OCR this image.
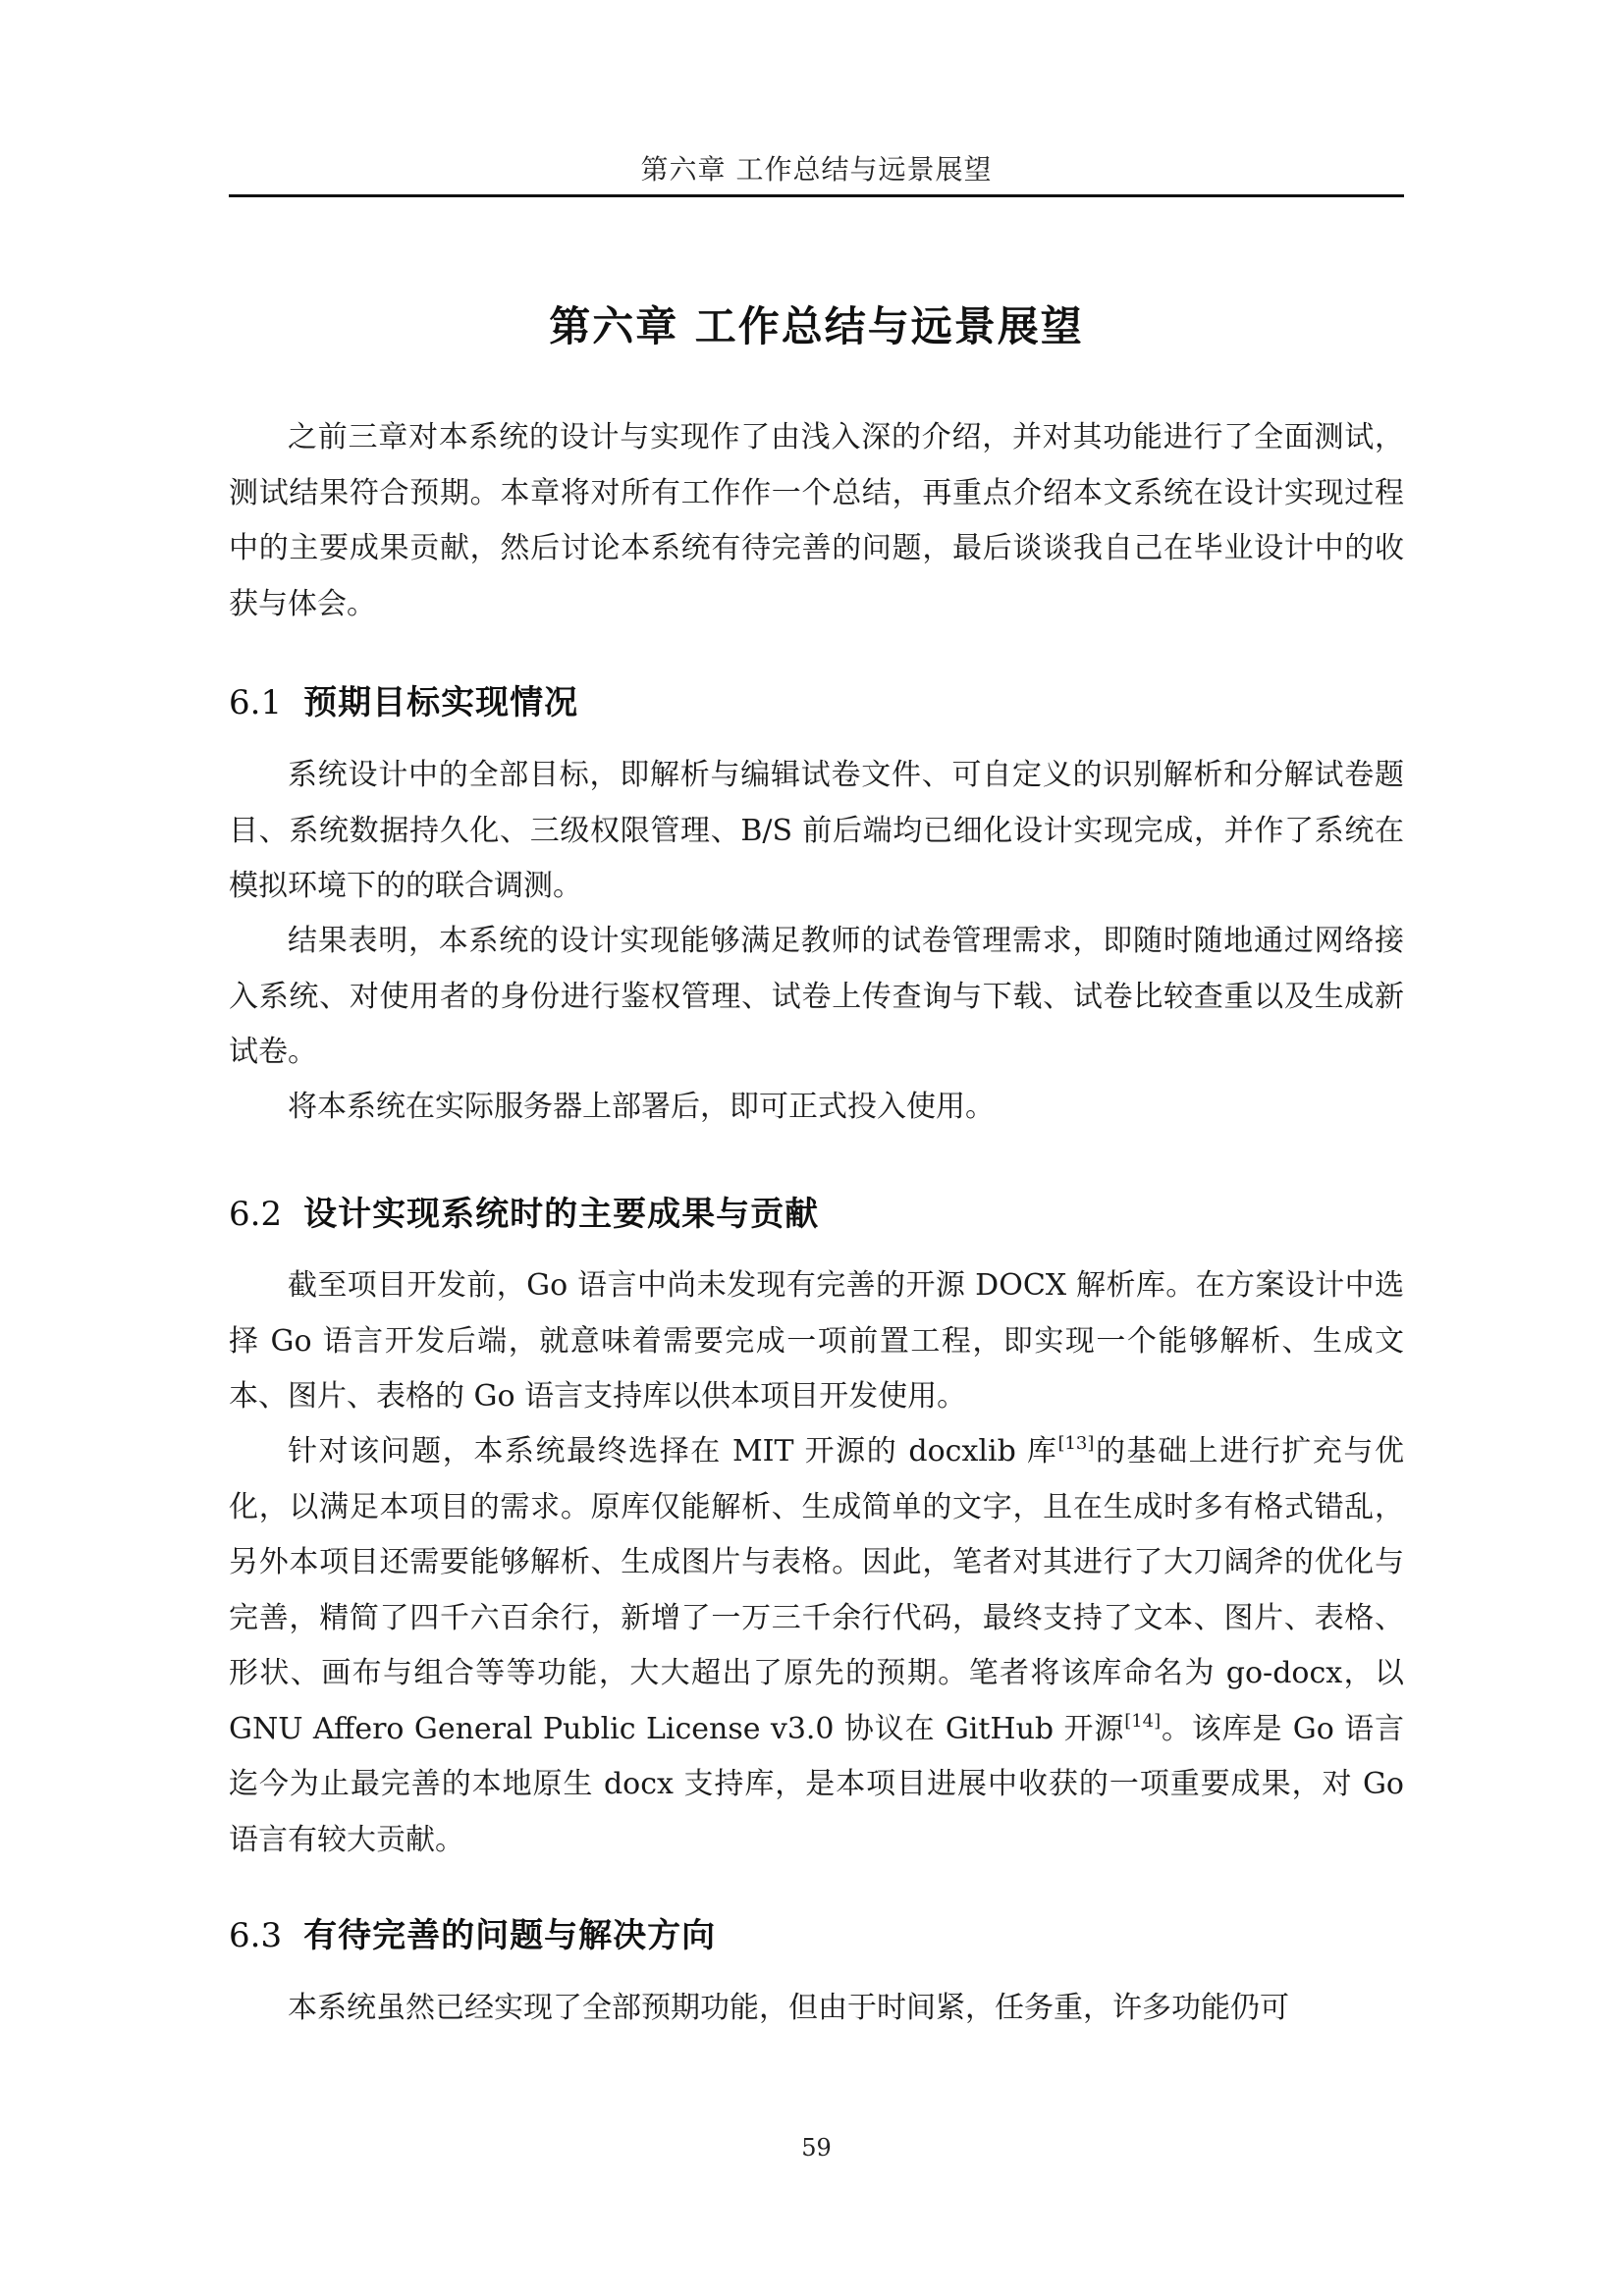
第六章 工作总结与远景展望
第六章 工作总结与远景展望

之前三章对本系统的设计与实现作了由浅入深的介绍，并对其功能进行了全面测试，测试结果符合预期。本章将对所有工作作一个总结，再重点介绍本文系统在设计实现过程中的主要成果贡献，然后讨论本系统有待完善的问题，最后谈谈我自己在毕业设计中的收获与体会。

6.1 预期目标实现情况

系统设计中的全部目标，即解析与编辑试卷文件、可自定义的识别解析和分解试卷题目、系统数据持久化、三级权限管理、B/S 前后端均已细化设计实现完成，并作了系统在模拟环境下的的联合调测。

结果表明，本系统的设计实现能够满足教师的试卷管理需求，即随时随地通过网络接入系统、对使用者的身份进行鉴权管理、试卷上传查询与下载、试卷比较查重以及生成新试卷。

将本系统在实际服务器上部署后，即可正式投入使用。

6.2 设计实现系统时的主要成果与贡献

截至项目开发前，Go 语言中尚未发现有完善的开源 DOCX 解析库。在方案设计中选择 Go 语言开发后端，就意味着需要完成一项前置工程，即实现一个能够解析、生成文本、图片、表格的 Go 语言支持库以供本项目开发使用。

针对该问题，本系统最终选择在 MIT 开源的 docxlib 库[13]的基础上进行扩充与优化，以满足本项目的需求。原库仅能解析、生成简单的文字，且在生成时多有格式错乱，另外本项目还需要能够解析、生成图片与表格。因此，笔者对其进行了大刀阔斧的优化与完善，精简了四千六百余行，新增了一万三千余行代码，最终支持了文本、图片、表格、形状、画布与组合等等功能，大大超出了原先的预期。笔者将该库命名为 go-docx，以 GNU Affero General Public License v3.0 协议在 GitHub 开源[14]。该库是 Go 语言迄今为止最完善的本地原生 docx 支持库，是本项目进展中收获的一项重要成果，对 Go 语言有较大贡献。

6.3 有待完善的问题与解决方向

本系统虽然已经实现了全部预期功能，但由于时间紧，任务重，许多功能仍可

59
